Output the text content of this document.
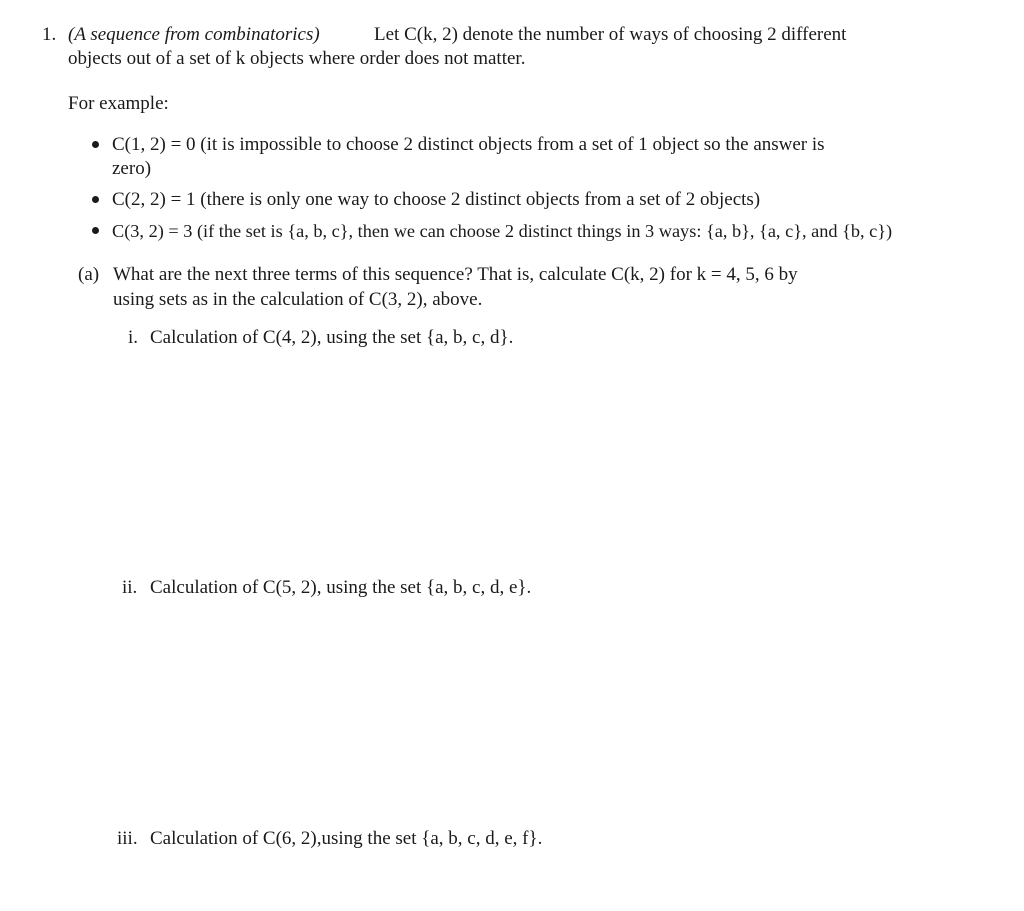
1. (A sequence from combinatorics)	Let C(k, 2) denote the number of ways of choosing 2 different
objects out of a set of k objects where order does not matter.
For example:
C(1, 2) = 0 (it is impossible to choose 2 distinct objects from a set of 1 object so the answer is
zero)
C(2, 2) = 1 (there is only one way to choose 2 distinct objects from a set of 2 objects)
C(3, 2) = 3 (if the set is {a, b, c}, then we can choose 2 distinct things in 3 ways: {a, b}, {a, c}, and {b, c})
(a) What are the next three terms of this sequence? That is, calculate C(k, 2) for k = 4, 5, 6 by
using sets as in the calculation of C(3, 2), above.
i. Calculation of C(4, 2), using the set {a, b, c, d}.
ii. Calculation of C(5, 2), using the set {a, b, c, d, e}.
iii. Calculation of C(6, 2),using the set {a, b, c, d, e, f}.
